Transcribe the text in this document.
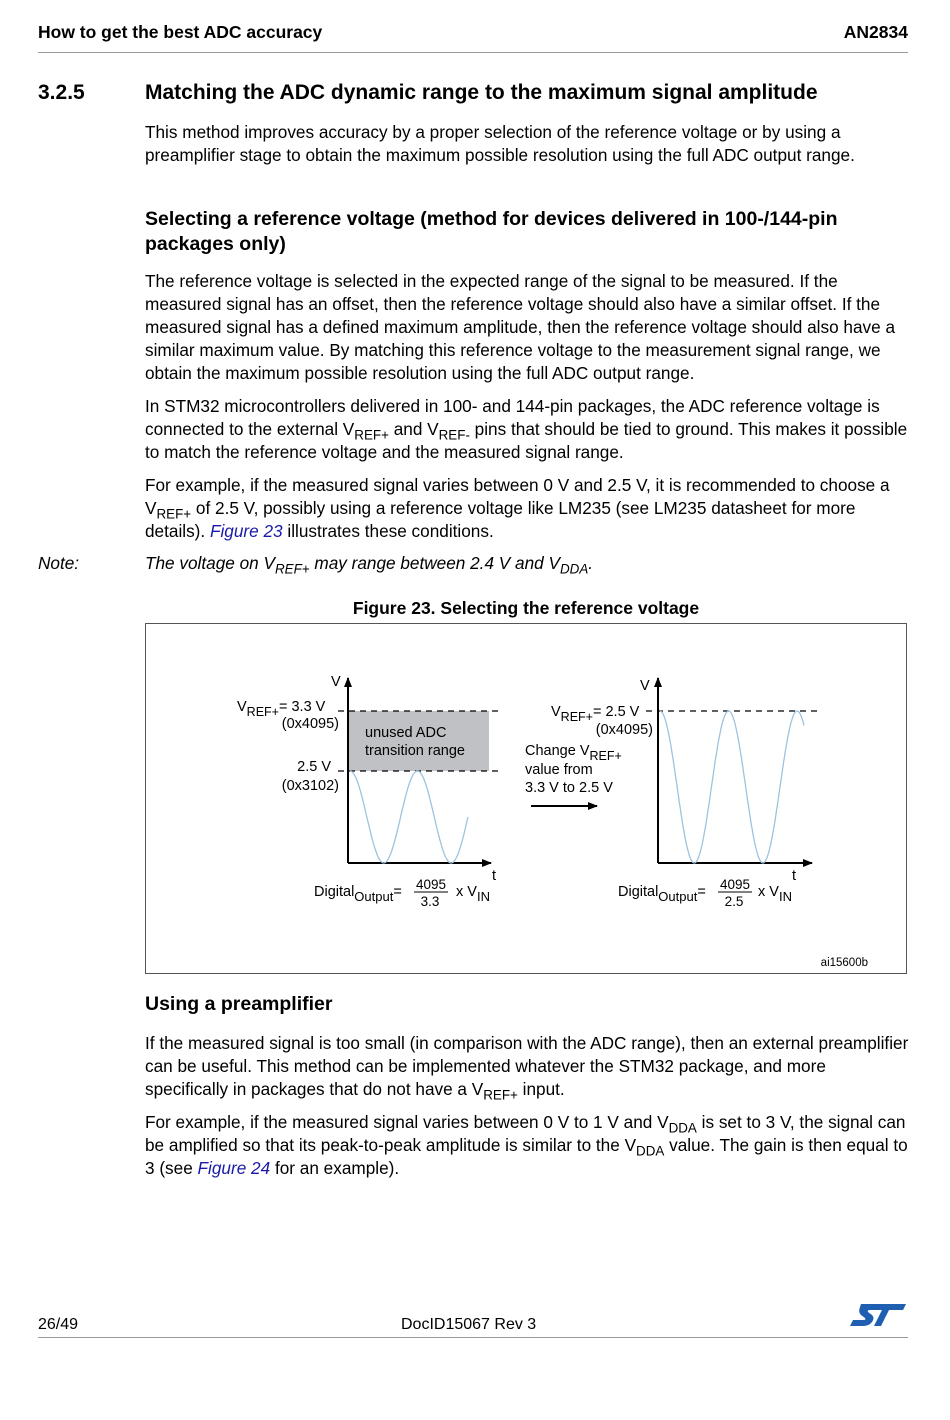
How to get the best ADC accuracy	AN2834
3.2.5	Matching the ADC dynamic range to the maximum signal amplitude
This method improves accuracy by a proper selection of the reference voltage or by using a preamplifier stage to obtain the maximum possible resolution using the full ADC output range.
Selecting a reference voltage (method for devices delivered in 100-/144-pin packages only)
The reference voltage is selected in the expected range of the signal to be measured. If the measured signal has an offset, then the reference voltage should also have a similar offset. If the measured signal has a defined maximum amplitude, then the reference voltage should also have a similar maximum value. By matching this reference voltage to the measurement signal range, we obtain the maximum possible resolution using the full ADC output range.
In STM32 microcontrollers delivered in 100- and 144-pin packages, the ADC reference voltage is connected to the external $V_{REF+}$ and $V_{REF-}$ pins that should be tied to ground. This makes it possible to match the reference voltage and the measured signal range.
For example, if the measured signal varies between 0 V and 2.5 V, it is recommended to choose a $V_{REF+}$ of 2.5 V, possibly using a reference voltage like LM235 (see LM235 datasheet for more details). Figure 23 illustrates these conditions.
Note:	The voltage on $V_{REF+}$ may range between 2.4 V and $V_{DDA}$.
Figure 23. Selecting the reference voltage
V
t
VREF+= 3.3 V
(0x4095)
unused ADC
transition range
2.5 V
(0x3102)
DigitalOutput= 4095
3.3
x VIN
Change VREF+
value from
3.3 V to 2.5 V
V
t
VREF+= 2.5 V
(0x4095)
DigitalOutput= 4095
2.5
x VIN
ai15600b
Using a preamplifier
If the measured signal is too small (in comparison with the ADC range), then an external preamplifier can be useful. This method can be implemented whatever the STM32 package, and more specifically in packages that do not have a $V_{REF+}$ input.
For example, if the measured signal varies between 0 V to 1 V and $V_{DDA}$ is set to 3 V, the signal can be amplified so that its peak-to-peak amplitude is similar to the $V_{DDA}$ value. The gain is then equal to 3 (see Figure 24 for an example).
26/49	DocID15067 Rev 3
